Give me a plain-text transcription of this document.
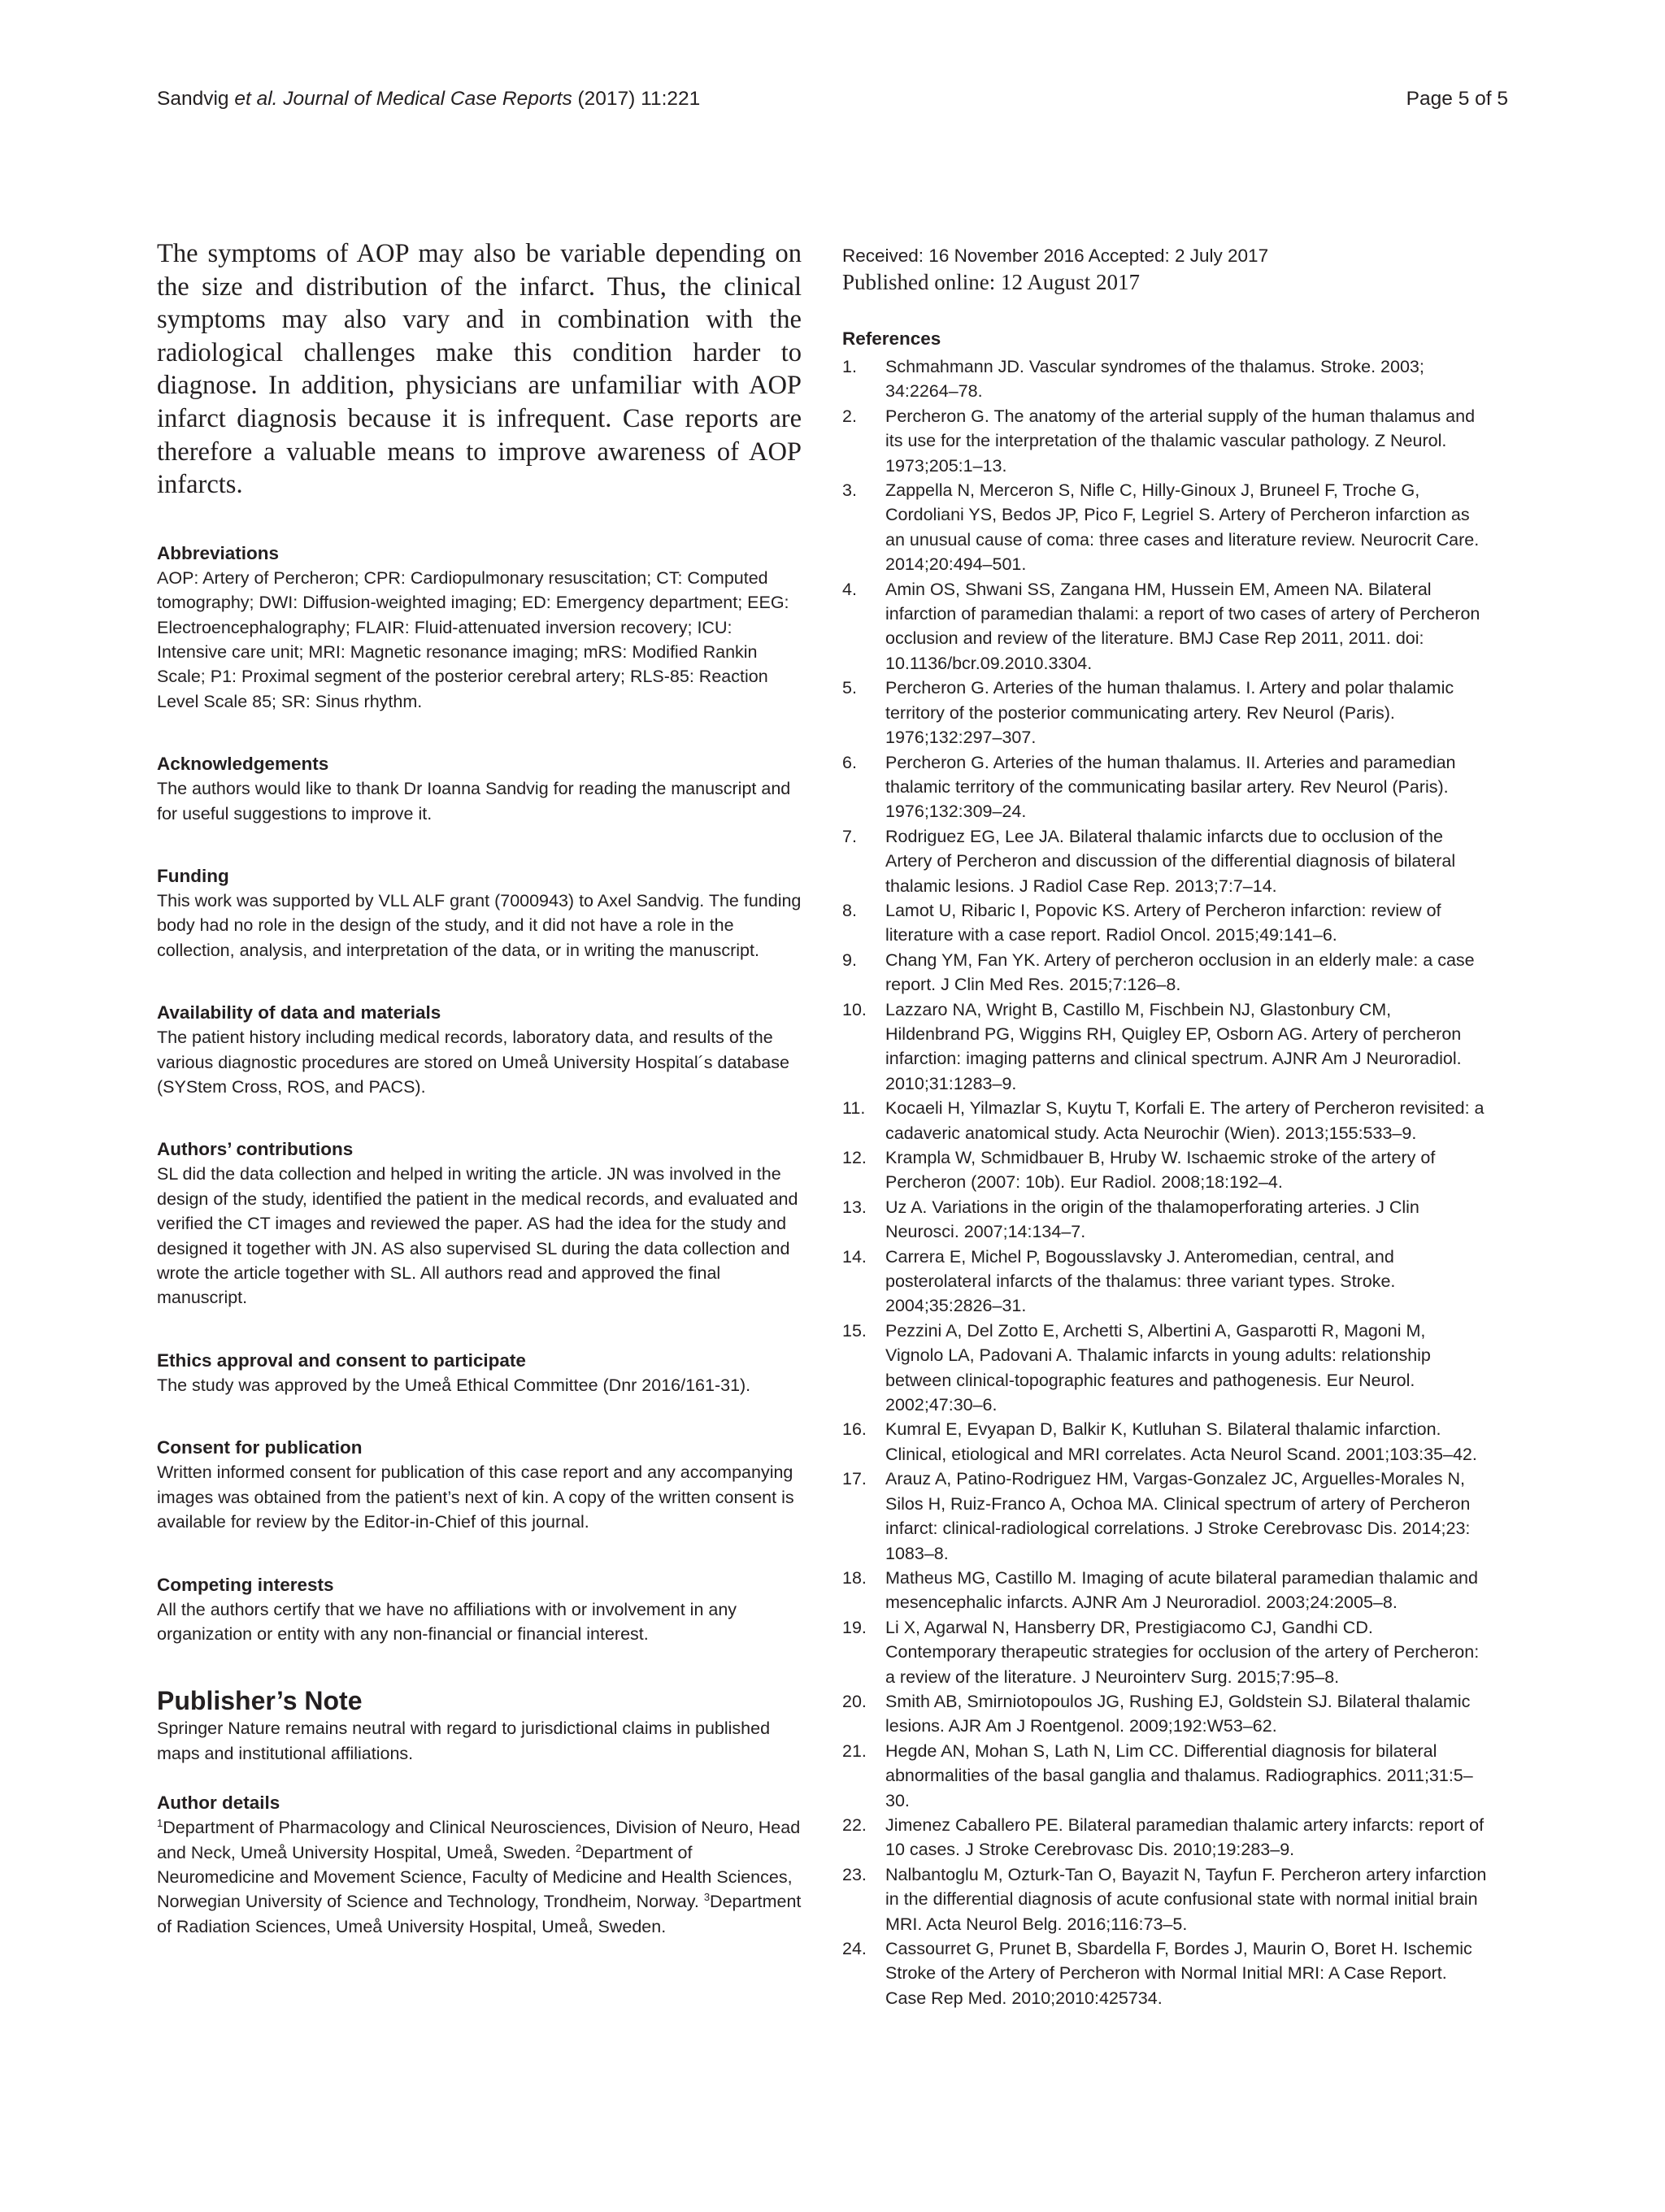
Sandvig et al. Journal of Medical Case Reports (2017) 11:221	Page 5 of 5

The symptoms of AOP may also be variable depending on the size and distribution of the infarct. Thus, the clinical symptoms may also vary and in combination with the radiological challenges make this condition harder to diagnose. In addition, physicians are unfamiliar with AOP infarct diagnosis because it is infrequent. Case reports are therefore a valuable means to improve awareness of AOP infarcts.

Abbreviations

AOP: Artery of Percheron; CPR: Cardiopulmonary resuscitation; CT: Computed tomography; DWI: Diffusion-weighted imaging; ED: Emergency department; EEG: Electroencephalography; FLAIR: Fluid-attenuated inversion recovery; ICU: Intensive care unit; MRI: Magnetic resonance imaging; mRS: Modified Rankin Scale; P1: Proximal segment of the posterior cerebral artery; RLS-85: Reaction Level Scale 85; SR: Sinus rhythm.

Acknowledgements

The authors would like to thank Dr Ioanna Sandvig for reading the manuscript and for useful suggestions to improve it.

Funding

This work was supported by VLL ALF grant (7000943) to Axel Sandvig. The funding body had no role in the design of the study, and it did not have a role in the collection, analysis, and interpretation of the data, or in writing the manuscript.

Availability of data and materials

The patient history including medical records, laboratory data, and results of the various diagnostic procedures are stored on Umeå University Hospital´s database (SYStem Cross, ROS, and PACS).

Authors’ contributions

SL did the data collection and helped in writing the article. JN was involved in the design of the study, identified the patient in the medical records, and evaluated and verified the CT images and reviewed the paper. AS had the idea for the study and designed it together with JN. AS also supervised SL during the data collection and wrote the article together with SL. All authors read and approved the final manuscript.

Ethics approval and consent to participate

The study was approved by the Umeå Ethical Committee (Dnr 2016/161-31).

Consent for publication

Written informed consent for publication of this case report and any accompanying images was obtained from the patient’s next of kin. A copy of the written consent is available for review by the Editor-in-Chief of this journal.

Competing interests

All the authors certify that we have no affiliations with or involvement in any organization or entity with any non-financial or financial interest.

Publisher’s Note

Springer Nature remains neutral with regard to jurisdictional claims in published maps and institutional affiliations.

Author details

$^1$Department of Pharmacology and Clinical Neurosciences, Division of Neuro, Head and Neck, Umeå University Hospital, Umeå, Sweden. $^2$Department of Neuromedicine and Movement Science, Faculty of Medicine and Health Sciences, Norwegian University of Science and Technology, Trondheim, Norway. $^3$Department of Radiation Sciences, Umeå University Hospital, Umeå, Sweden.

Received: 16 November 2016 Accepted: 2 July 2017

Published online: 12 August 2017

References

1. Schmahmann JD. Vascular syndromes of the thalamus. Stroke. 2003; 34:2264–78.
2. Percheron G. The anatomy of the arterial supply of the human thalamus and its use for the interpretation of the thalamic vascular pathology. Z Neurol. 1973;205:1–13.
3. Zappella N, Merceron S, Nifle C, Hilly-Ginoux J, Bruneel F, Troche G, Cordoliani YS, Bedos JP, Pico F, Legriel S. Artery of Percheron infarction as an unusual cause of coma: three cases and literature review. Neurocrit Care. 2014;20:494–501.
4. Amin OS, Shwani SS, Zangana HM, Hussein EM, Ameen NA. Bilateral infarction of paramedian thalami: a report of two cases of artery of Percheron occlusion and review of the literature. BMJ Case Rep 2011, 2011. doi: 10.1136/bcr.09.2010.3304.
5. Percheron G. Arteries of the human thalamus. I. Artery and polar thalamic territory of the posterior communicating artery. Rev Neurol (Paris). 1976;132:297–307.
6. Percheron G. Arteries of the human thalamus. II. Arteries and paramedian thalamic territory of the communicating basilar artery. Rev Neurol (Paris). 1976;132:309–24.
7. Rodriguez EG, Lee JA. Bilateral thalamic infarcts due to occlusion of the Artery of Percheron and discussion of the differential diagnosis of bilateral thalamic lesions. J Radiol Case Rep. 2013;7:7–14.
8. Lamot U, Ribaric I, Popovic KS. Artery of Percheron infarction: review of literature with a case report. Radiol Oncol. 2015;49:141–6.
9. Chang YM, Fan YK. Artery of percheron occlusion in an elderly male: a case report. J Clin Med Res. 2015;7:126–8.
10. Lazzaro NA, Wright B, Castillo M, Fischbein NJ, Glastonbury CM, Hildenbrand PG, Wiggins RH, Quigley EP, Osborn AG. Artery of percheron infarction: imaging patterns and clinical spectrum. AJNR Am J Neuroradiol. 2010;31:1283–9.
11. Kocaeli H, Yilmazlar S, Kuytu T, Korfali E. The artery of Percheron revisited: a cadaveric anatomical study. Acta Neurochir (Wien). 2013;155:533–9.
12. Krampla W, Schmidbauer B, Hruby W. Ischaemic stroke of the artery of Percheron (2007: 10b). Eur Radiol. 2008;18:192–4.
13. Uz A. Variations in the origin of the thalamoperforating arteries. J Clin Neurosci. 2007;14:134–7.
14. Carrera E, Michel P, Bogousslavsky J. Anteromedian, central, and posterolateral infarcts of the thalamus: three variant types. Stroke. 2004;35:2826–31.
15. Pezzini A, Del Zotto E, Archetti S, Albertini A, Gasparotti R, Magoni M, Vignolo LA, Padovani A. Thalamic infarcts in young adults: relationship between clinical-topographic features and pathogenesis. Eur Neurol. 2002;47:30–6.
16. Kumral E, Evyapan D, Balkir K, Kutluhan S. Bilateral thalamic infarction. Clinical, etiological and MRI correlates. Acta Neurol Scand. 2001;103:35–42.
17. Arauz A, Patino-Rodriguez HM, Vargas-Gonzalez JC, Arguelles-Morales N, Silos H, Ruiz-Franco A, Ochoa MA. Clinical spectrum of artery of Percheron infarct: clinical-radiological correlations. J Stroke Cerebrovasc Dis. 2014;23: 1083–8.
18. Matheus MG, Castillo M. Imaging of acute bilateral paramedian thalamic and mesencephalic infarcts. AJNR Am J Neuroradiol. 2003;24:2005–8.
19. Li X, Agarwal N, Hansberry DR, Prestigiacomo CJ, Gandhi CD. Contemporary therapeutic strategies for occlusion of the artery of Percheron: a review of the literature. J Neurointerv Surg. 2015;7:95–8.
20. Smith AB, Smirniotopoulos JG, Rushing EJ, Goldstein SJ. Bilateral thalamic lesions. AJR Am J Roentgenol. 2009;192:W53–62.
21. Hegde AN, Mohan S, Lath N, Lim CC. Differential diagnosis for bilateral abnormalities of the basal ganglia and thalamus. Radiographics. 2011;31:5–30.
22. Jimenez Caballero PE. Bilateral paramedian thalamic artery infarcts: report of 10 cases. J Stroke Cerebrovasc Dis. 2010;19:283–9.
23. Nalbantoglu M, Ozturk-Tan O, Bayazit N, Tayfun F. Percheron artery infarction in the differential diagnosis of acute confusional state with normal initial brain MRI. Acta Neurol Belg. 2016;116:73–5.
24. Cassourret G, Prunet B, Sbardella F, Bordes J, Maurin O, Boret H. Ischemic Stroke of the Artery of Percheron with Normal Initial MRI: A Case Report. Case Rep Med. 2010;2010:425734.
